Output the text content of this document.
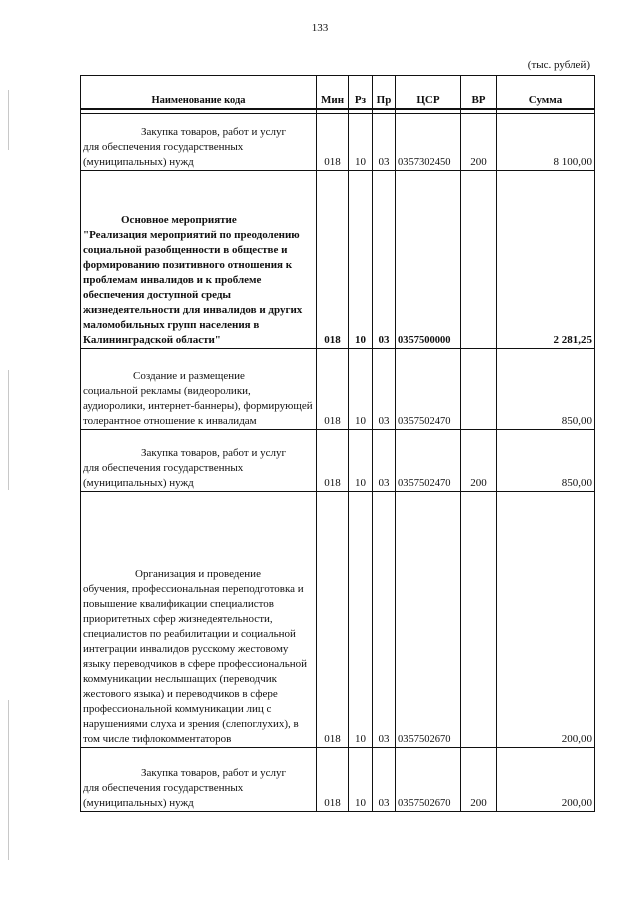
133
(тыс. рублей)
Наименование кода	Мин	Рз	Пр	ЦСР	ВР	Сумма

Закупка товаров, работ и услуг
для обеспечения государственных (муниципальных) нужд	018	10	03	0357302450	200	8 100,00

Основное мероприятие
"Реализация мероприятий по преодолению социальной разобщенности в обществе и формированию позитивного отношения к проблемам инвалидов и к проблеме обеспечения доступной среды жизнедеятельности для инвалидов и других маломобильных групп населения в Калининградской области"	018	10	03	0357500000		2 281,25

Создание и размещение
социальной рекламы (видеоролики, аудиоролики, интернет-баннеры), формирующей толерантное отношение к инвалидам	018	10	03	0357502470		850,00

Закупка товаров, работ и услуг
для обеспечения государственных (муниципальных) нужд	018	10	03	0357502470	200	850,00

Организация и проведение
обучения, профессиональная переподготовка и повышение квалификации специалистов приоритетных сфер жизнедеятельности, специалистов по реабилитации и социальной интеграции инвалидов русскому жестовому языку переводчиков в сфере профессиональной коммуникации неслышащих (переводчик жестового языка) и переводчиков в сфере профессиональной коммуникации лиц с нарушениями слуха и зрения (слепоглухих), в том числе тифлокомментаторов	018	10	03	0357502670		200,00

Закупка товаров, работ и услуг
для обеспечения государственных (муниципальных) нужд	018	10	03	0357502670	200	200,00
